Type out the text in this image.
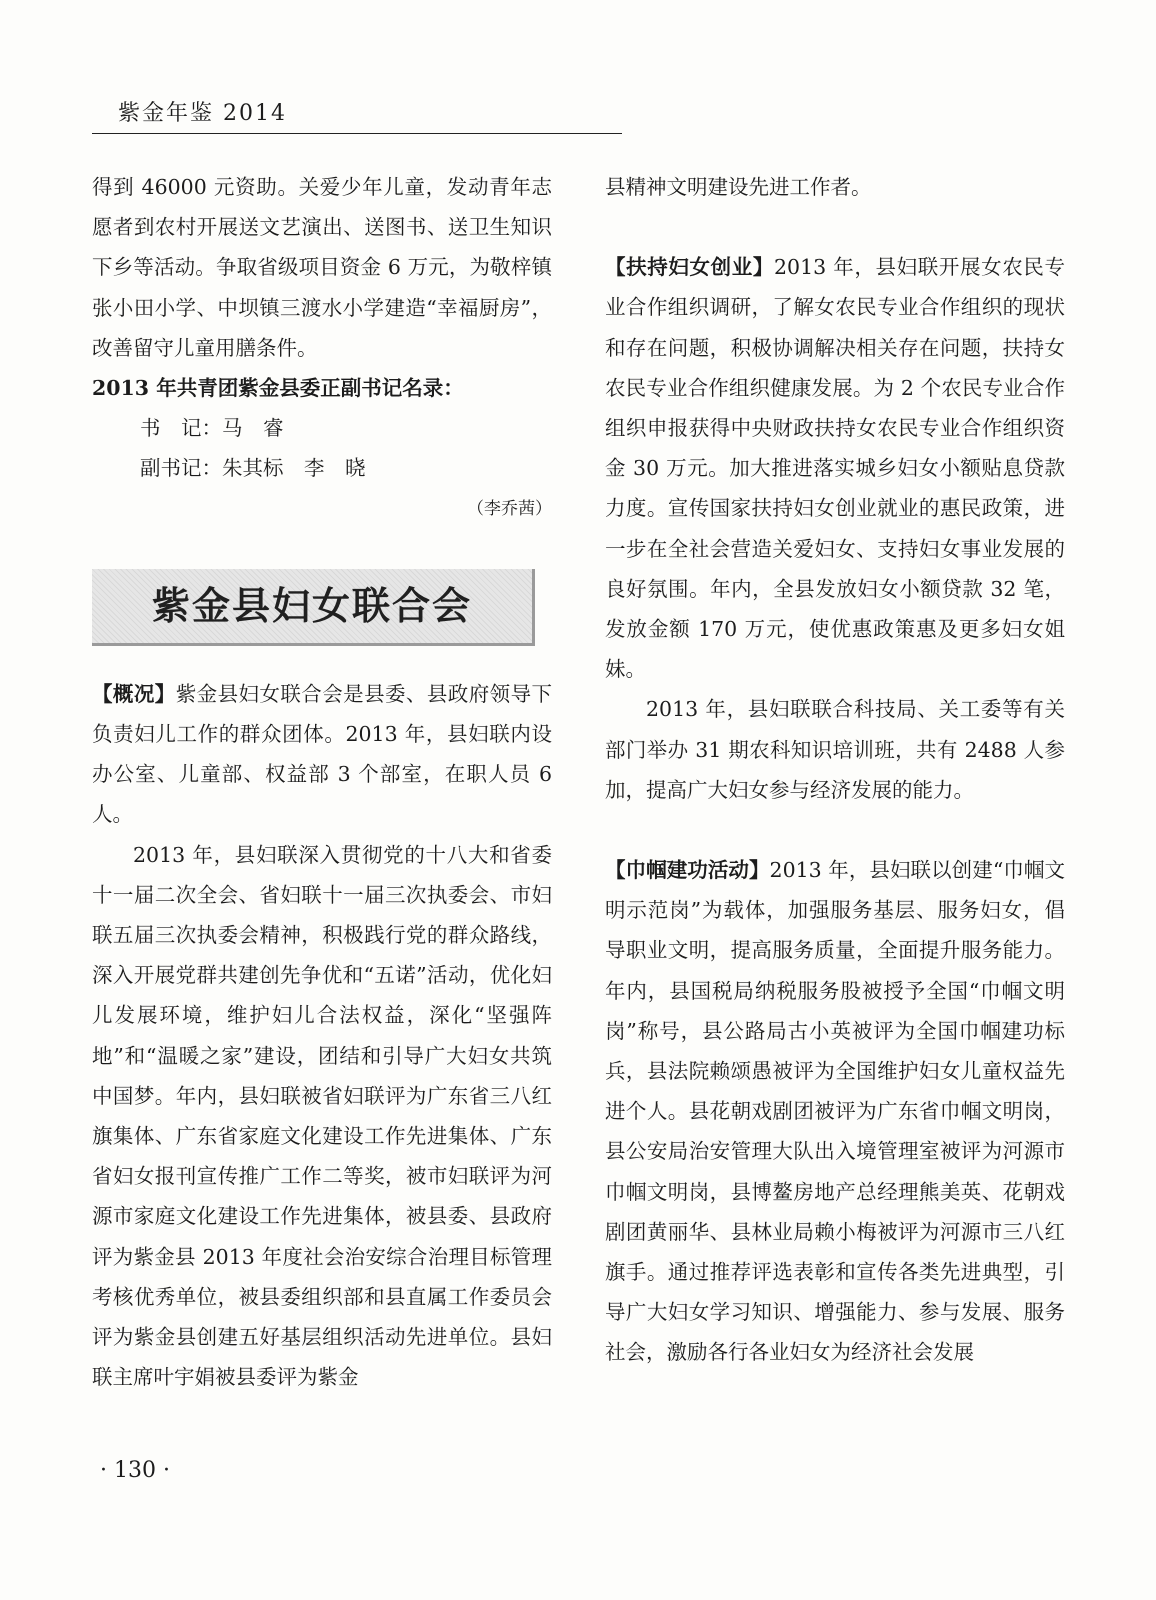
紫金年鉴 2014

得到 46000 元资助。关爱少年儿童，发动青年志愿者到农村开展送文艺演出、送图书、送卫生知识下乡等活动。争取省级项目资金 6 万元，为敬梓镇张小田小学、中坝镇三渡水小学建造“幸福厨房”，改善留守儿童用膳条件。

2013 年共青团紫金县委正副书记名录：

书　记：马　睿

副书记：朱其标　李　晓

（李乔茜）

紫金县妇女联合会

【概况】紫金县妇女联合会是县委、县政府领导下负责妇儿工作的群众团体。2013 年，县妇联内设办公室、儿童部、权益部 3 个部室，在职人员 6 人。

2013 年，县妇联深入贯彻党的十八大和省委十一届二次全会、省妇联十一届三次执委会、市妇联五届三次执委会精神，积极践行党的群众路线，深入开展党群共建创先争优和“五诺”活动，优化妇儿发展环境，维护妇儿合法权益，深化“坚强阵地”和“温暖之家”建设，团结和引导广大妇女共筑中国梦。年内，县妇联被省妇联评为广东省三八红旗集体、广东省家庭文化建设工作先进集体、广东省妇女报刊宣传推广工作二等奖，被市妇联评为河源市家庭文化建设工作先进集体，被县委、县政府评为紫金县 2013 年度社会治安综合治理目标管理考核优秀单位，被县委组织部和县直属工作委员会评为紫金县创建五好基层组织活动先进单位。县妇联主席叶宇娟被县委评为紫金

县精神文明建设先进工作者。

【扶持妇女创业】2013 年，县妇联开展女农民专业合作组织调研，了解女农民专业合作组织的现状和存在问题，积极协调解决相关存在问题，扶持女农民专业合作组织健康发展。为 2 个农民专业合作组织申报获得中央财政扶持女农民专业合作组织资金 30 万元。加大推进落实城乡妇女小额贴息贷款力度。宣传国家扶持妇女创业就业的惠民政策，进一步在全社会营造关爱妇女、支持妇女事业发展的良好氛围。年内，全县发放妇女小额贷款 32 笔，发放金额 170 万元，使优惠政策惠及更多妇女姐妹。

2013 年，县妇联联合科技局、关工委等有关部门举办 31 期农科知识培训班，共有 2488 人参加，提高广大妇女参与经济发展的能力。

【巾帼建功活动】2013 年，县妇联以创建“巾帼文明示范岗”为载体，加强服务基层、服务妇女，倡导职业文明，提高服务质量，全面提升服务能力。年内，县国税局纳税服务股被授予全国“巾帼文明岗”称号，县公路局古小英被评为全国巾帼建功标兵，县法院赖颂愚被评为全国维护妇女儿童权益先进个人。县花朝戏剧团被评为广东省巾帼文明岗，县公安局治安管理大队出入境管理室被评为河源市巾帼文明岗，县博鳌房地产总经理熊美英、花朝戏剧团黄丽华、县林业局赖小梅被评为河源市三八红旗手。通过推荐评选表彰和宣传各类先进典型，引导广大妇女学习知识、增强能力、参与发展、服务社会，激励各行各业妇女为经济社会发展

· 130 ·
